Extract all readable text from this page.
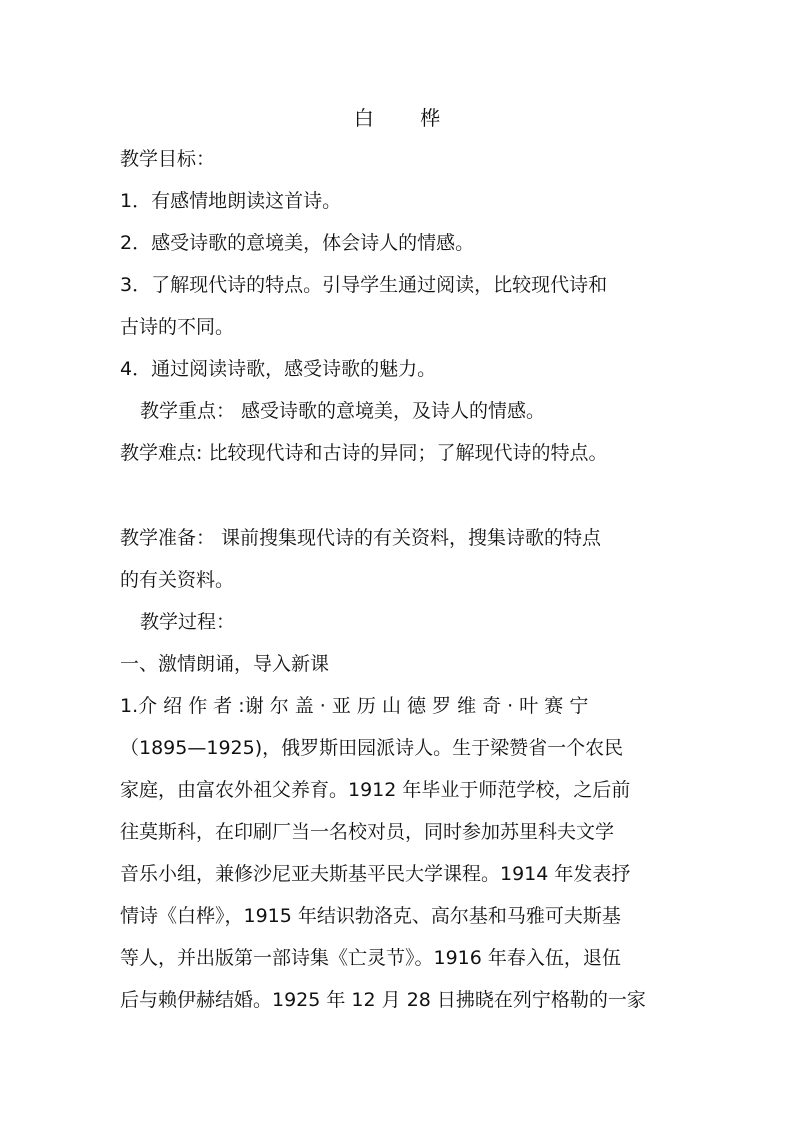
白 桦
教学目标：
1．有感情地朗读这首诗。
2．感受诗歌的意境美，体会诗人的情感。
3．了解现代诗的特点。引导学生通过阅读，比较现代诗和
古诗的不同。
4．通过阅读诗歌，感受诗歌的魅力。
教学重点： 感受诗歌的意境美，及诗人的情感。
教学难点: 比较现代诗和古诗的异同；了解现代诗的特点。
教学准备： 课前搜集现代诗的有关资料，搜集诗歌的特点
的有关资料。
教学过程：
一、激情朗诵，导入新课
1.介 绍 作 者 :谢 尔 盖 · 亚 历 山 德 罗 维 奇 · 叶 赛 宁
（1895—1925)，俄罗斯田园派诗人。生于梁赞省一个农民
家庭，由富农外祖父养育。1912 年毕业于师范学校，之后前
往莫斯科，在印刷厂当一名校对员，同时参加苏里科夫文学
音乐小组，兼修沙尼亚夫斯基平民大学课程。1914 年发表抒
情诗《白桦》，1915 年结识勃洛克、高尔基和马雅可夫斯基
等人，并出版第一部诗集《亡灵节》。1916 年春入伍，退伍
后与赖伊赫结婚。1925 年 12 月 28 日拂晓在列宁格勒的一家
